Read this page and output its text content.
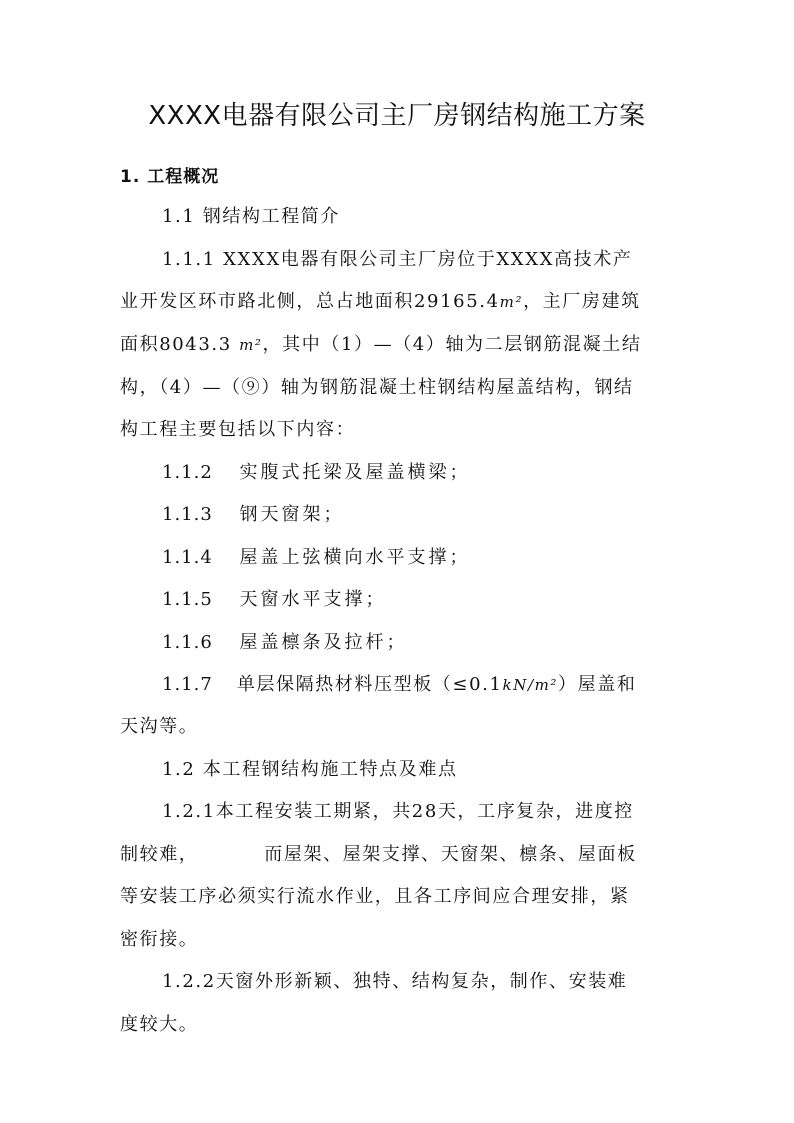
XXXX电器有限公司主厂房钢结构施工方案
1. 工程概况
1.1 钢结构工程简介
1.1.1 XXXX电器有限公司主厂房位于XXXX高技术产
业开发区环市路北侧，总占地面积29165.4m²，主厂房建筑
面积8043.3 m²，其中（1）—（4）轴为二层钢筋混凝土结
构，（4）—（⑨）轴为钢筋混凝土柱钢结构屋盖结构，钢结
构工程主要包括以下内容：
1.1.2 实腹式托梁及屋盖横梁；
1.1.3 钢天窗架；
1.1.4 屋盖上弦横向水平支撑；
1.1.5 天窗水平支撑；
1.1.6 屋盖檩条及拉杆；
1.1.7 单层保隔热材料压型板（≤0.1kN/m²）屋盖和
天沟等。
1.2 本工程钢结构施工特点及难点
1.2.1本工程安装工期紧，共28天，工序复杂，进度控
制较难，         而屋架、屋架支撑、天窗架、檩条、屋面板
等安装工序必须实行流水作业，且各工序间应合理安排，紧
密衔接。
1.2.2天窗外形新颖、独特、结构复杂，制作、安装难
度较大。
